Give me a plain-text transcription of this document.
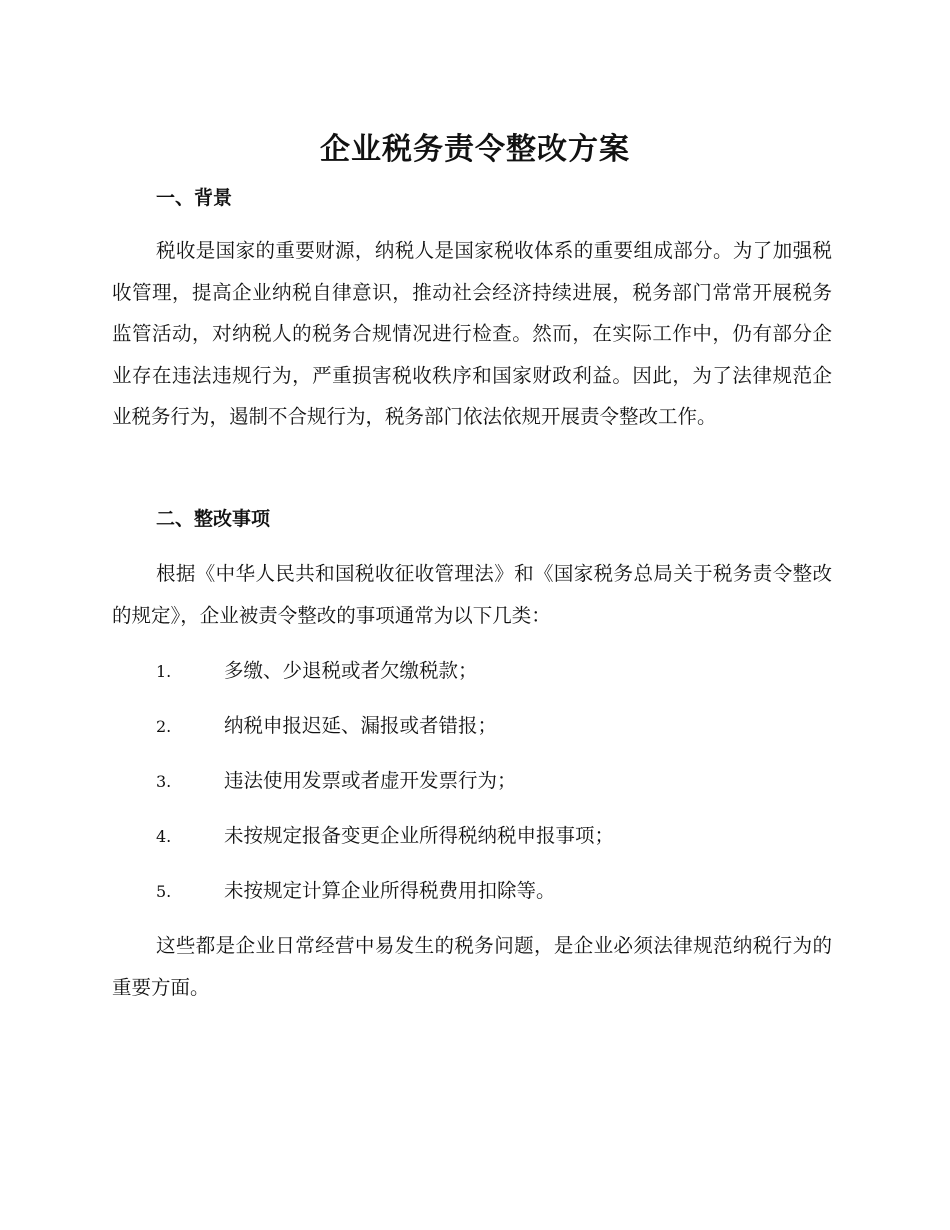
企业税务责令整改方案
一、背景

税收是国家的重要财源，纳税人是国家税收体系的重要组成部分。为了加强税收管理，提高企业纳税自律意识，推动社会经济持续进展，税务部门常常开展税务监管活动，对纳税人的税务合规情况进行检查。然而，在实际工作中，仍有部分企业存在违法违规行为，严重损害税收秩序和国家财政利益。因此，为了法律规范企业税务行为，遏制不合规行为，税务部门依法依规开展责令整改工作。

二、整改事项

根据《中华人民共和国税收征收管理法》和《国家税务总局关于税务责令整改的规定》，企业被责令整改的事项通常为以下几类：

1.	多缴、少退税或者欠缴税款；
2.	纳税申报迟延、漏报或者错报；
3.	违法使用发票或者虚开发票行为；
4.	未按规定报备变更企业所得税纳税申报事项；
5.	未按规定计算企业所得税费用扣除等。

这些都是企业日常经营中易发生的税务问题，是企业必须法律规范纳税行为的重要方面。
